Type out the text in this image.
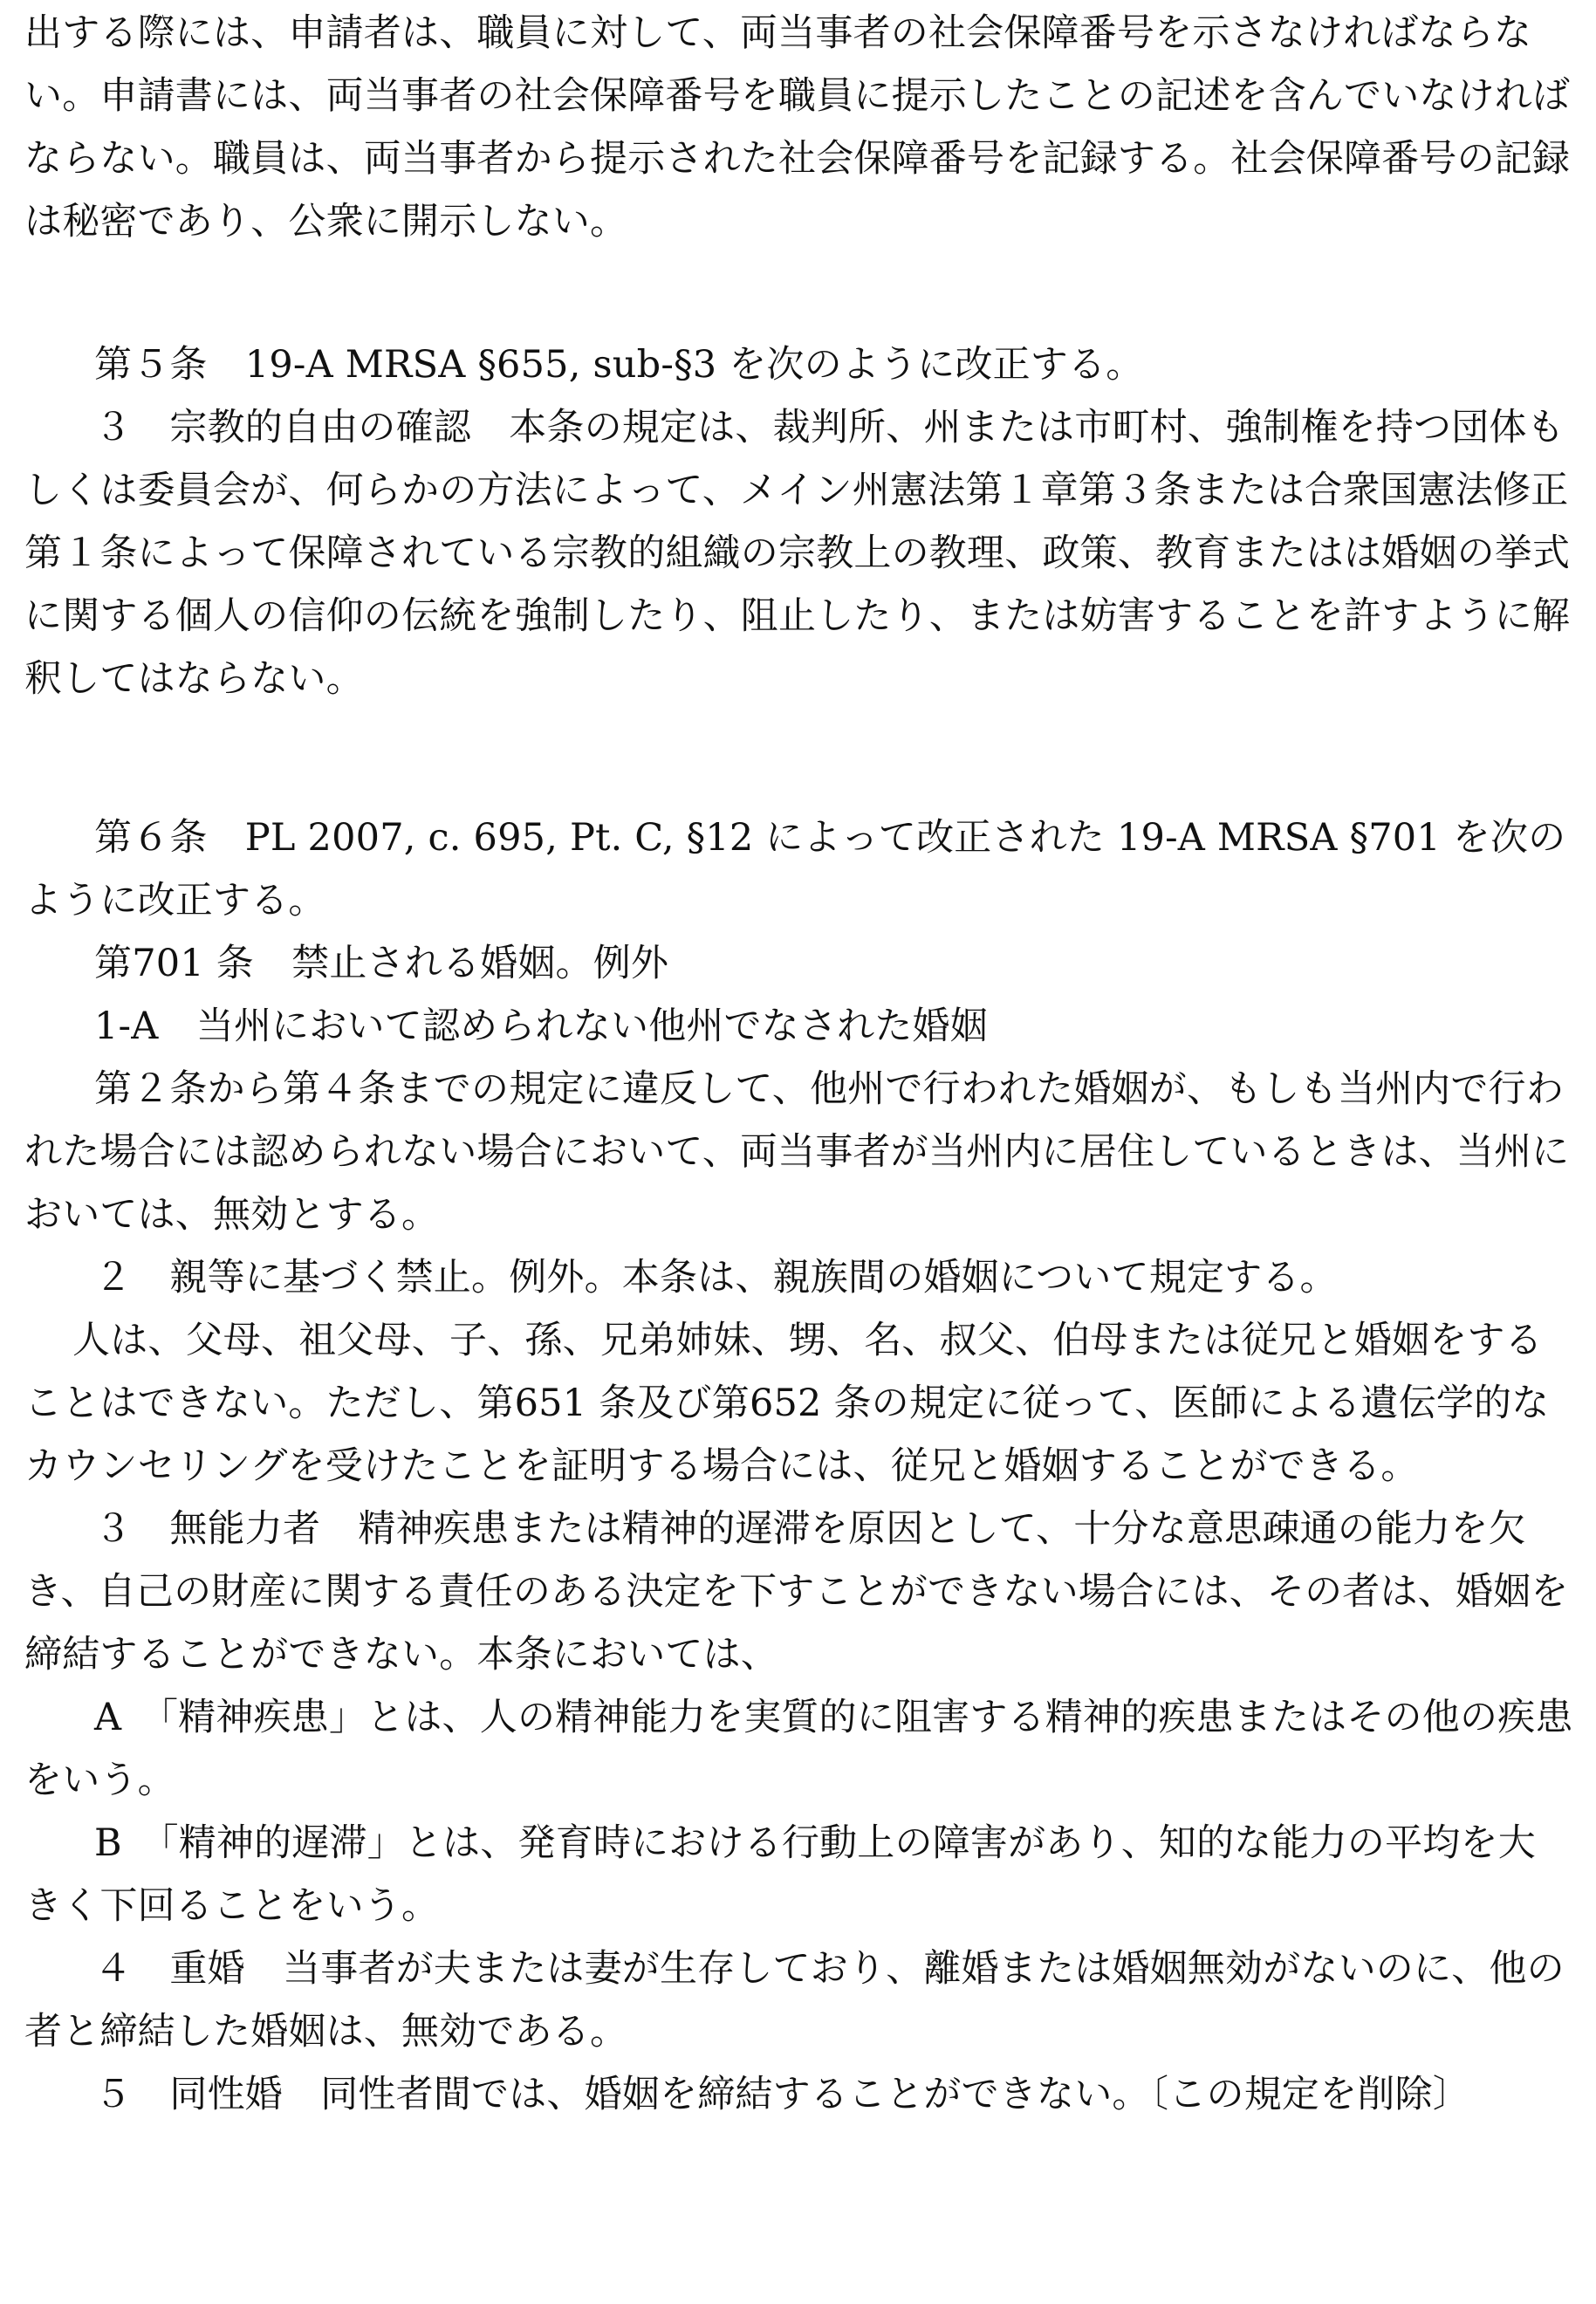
出する際には、申請者は、職員に対して、両当事者の社会保障番号を示さなければならない。申請書には、両当事者の社会保障番号を職員に提示したことの記述を含んでいなければならない。職員は、両当事者から提示された社会保障番号を記録する。社会保障番号の記録は秘密であり、公衆に開示しない。

第５条　19-A MRSA §655, sub-§3 を次のように改正する。

３　宗教的自由の確認　本条の規定は、裁判所、州または市町村、強制権を持つ団体もしくは委員会が、何らかの方法によって、メイン州憲法第１章第３条または合衆国憲法修正第１条によって保障されている宗教的組織の宗教上の教理、政策、教育またはは婚姻の挙式に関する個人の信仰の伝統を強制したり、阻止したり、または妨害することを許すように解釈してはならない。

第６条　PL 2007, c. 695, Pt. C, §12 によって改正された 19-A MRSA §701 を次のように改正する。

第701 条　禁止される婚姻。例外

1-A　当州において認められない他州でなされた婚姻

第２条から第４条までの規定に違反して、他州で行われた婚姻が、もしも当州内で行われた場合には認められない場合において、両当事者が当州内に居住しているときは、当州においては、無効とする。

２　親等に基づく禁止。例外。本条は、親族間の婚姻について規定する。

人は、父母、祖父母、子、孫、兄弟姉妹、甥、名、叔父、伯母または従兄と婚姻をすることはできない。ただし、第651 条及び第652 条の規定に従って、医師による遺伝学的なカウンセリングを受けたことを証明する場合には、従兄と婚姻することができる。

３　無能力者　精神疾患または精神的遅滞を原因として、十分な意思疎通の能力を欠き、自己の財産に関する責任のある決定を下すことができない場合には、その者は、婚姻を締結することができない。本条においては、

A　「精神疾患」とは、人の精神能力を実質的に阻害する精神的疾患またはその他の疾患をいう。

B　「精神的遅滞」とは、発育時における行動上の障害があり、知的な能力の平均を大きく下回ることをいう。

４　重婚　当事者が夫または妻が生存しており、離婚または婚姻無効がないのに、他の者と締結した婚姻は、無効である。

５　同性婚　同性者間では、婚姻を締結することができない。〔この規定を削除〕
